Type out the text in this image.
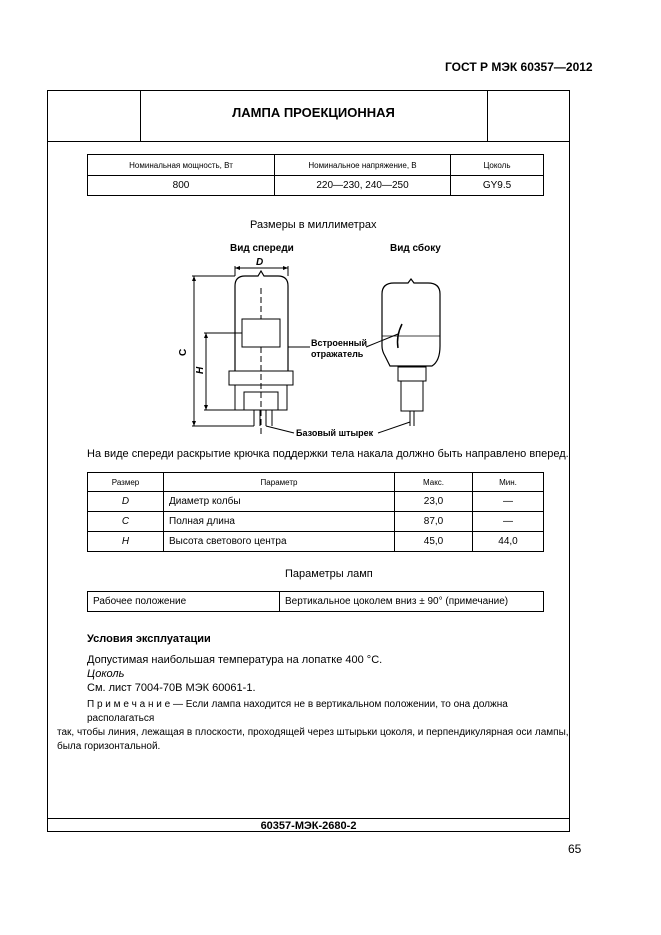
ГОСТ Р МЭК 60357—2012
ЛАМПА ПРОЕКЦИОННАЯ
Номинальная мощность, Вт	Номинальное напряжение, В	Цоколь
800	220—230, 240—250	GY9.5
Размеры в миллиметрах
Вид спереди	Вид сбоку
D
C
H
Встроенный
отражатель
Базовый штырек
На виде спереди раскрытие крючка поддержки тела накала должно быть направлено вперед.
Размер	Параметр	Макс.	Мин.
D	Диаметр колбы	23,0	—
C	Полная длина	87,0	—
H	Высота светового центра	45,0	44,0
Параметры ламп
Рабочее положение	Вертикальное цоколем вниз ± 90° (примечание)
Условия эксплуатации
Допустимая наибольшая температура на лопатке 400 °С.
Цоколь
См. лист 7004-70В МЭК 60061-1.
П р и м е ч а н и е — Если лампа находится не в вертикальном положении, то она должна располагаться
так, чтобы линия, лежащая в плоскости, проходящей через штырьки цоколя, и перпендикулярная оси лампы,
была горизонтальной.
60357-МЭК-2680-2
65
